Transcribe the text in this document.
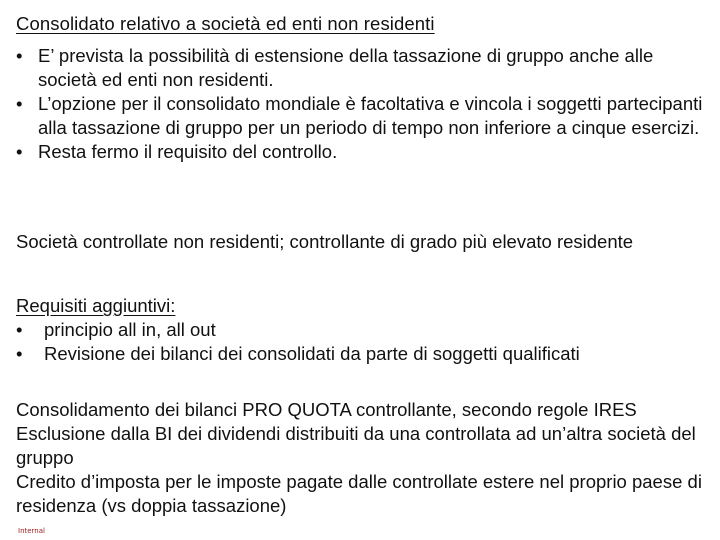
Consolidato relativo a società ed enti non residenti
• E’ prevista la possibilità di estensione della tassazione di gruppo anche alle società ed enti non residenti.
• L’opzione per il consolidato mondiale è facoltativa e vincola i soggetti partecipanti alla tassazione di gruppo per un periodo di tempo non inferiore a cinque esercizi.
• Resta fermo il requisito del controllo.
Società controllate non residenti; controllante di grado più elevato residente
Requisiti aggiuntivi:
• principio all in, all out
• Revisione dei bilanci dei consolidati da parte di soggetti qualificati
Consolidamento dei bilanci PRO QUOTA controllante, secondo regole IRES
Esclusione dalla BI dei dividendi distribuiti da una controllata ad un’altra società del gruppo
Credito d’imposta per le imposte pagate dalle controllate estere nel proprio paese di residenza (vs doppia tassazione)
Internal
